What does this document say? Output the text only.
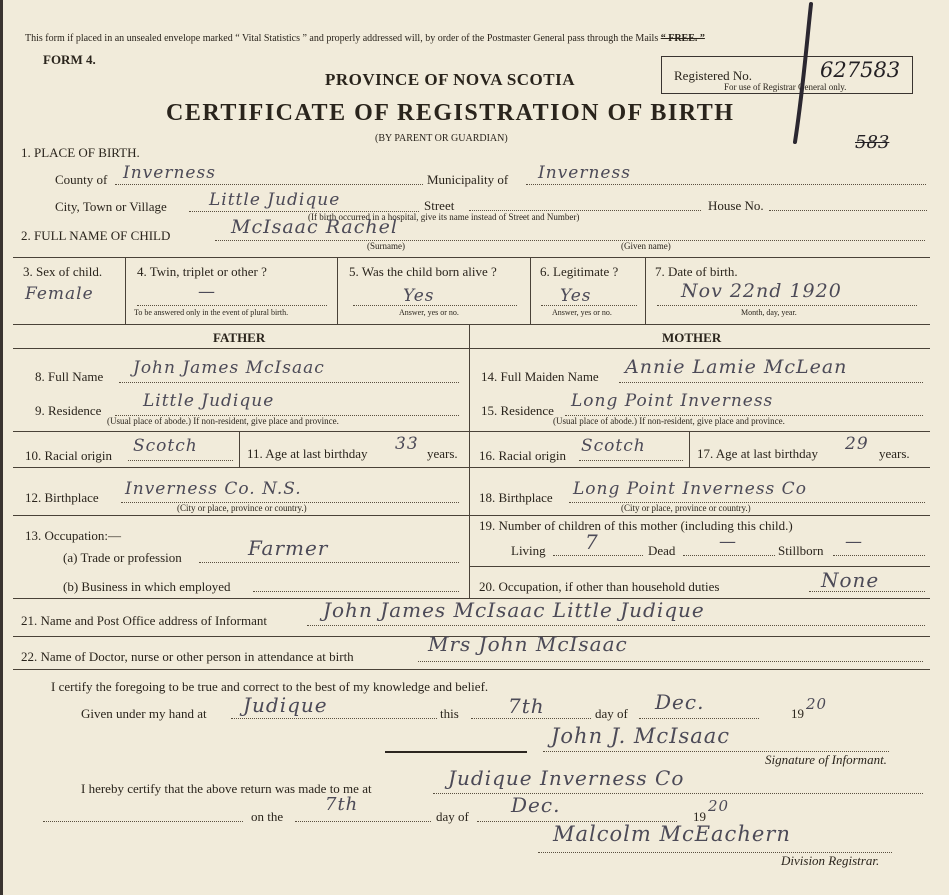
This form if placed in an unsealed envelope marked “ Vital Statistics ” and properly addressed will, by order of the Postmaster General pass through the Mails “ FREE. ”
FORM 4.
PROVINCE OF NOVA SCOTIA
CERTIFICATE OF REGISTRATION OF BIRTH
(BY PARENT OR GUARDIAN)
Registered No.	627583
For use of Registrar General only.
583
1. PLACE OF BIRTH.
County of Inverness	Municipality of Inverness
City, Town or Village Little Judique	Street	House No.
(If birth occurred in a hospital, give its name instead of Street and Number)
2. FULL NAME OF CHILD	McIsaac Rachel
(Surname)	(Given name)
3. Sex of child.
Female
4. Twin, triplet or other ?
—
To be answered only in the event of plural birth.
5. Was the child born alive ?
Yes
Answer, yes or no.
6. Legitimate ?
Yes
Answer, yes or no.
7. Date of birth.
Nov 22nd 1920
Month, day, year.
FATHER	MOTHER
8. Full Name John James McIsaac
9. Residence Little Judique
(Usual place of abode.) If non-resident, give place and province.
10. Racial origin Scotch	11. Age at last birthday 33 years.
12. Birthplace Inverness Co. N.S.
(City or place, province or country.)
13. Occupation:—
(a) Trade or profession	Farmer
(b) Business in which employed
14. Full Maiden Name Annie Lamie McLean
15. Residence Long Point Inverness
(Usual place of abode.) If non-resident, give place and province.
16. Racial origin Scotch	17. Age at last birthday 29 years.
18. Birthplace Long Point Inverness Co
(City or place, province or country.)
19. Number of children of this mother (including this child.)
Living 7	Dead	—	Stillborn —
20. Occupation, if other than household duties	None
21. Name and Post Office address of Informant	John James McIsaac Little Judique
22. Name of Doctor, nurse or other person in attendance at birth
Mrs John McIsaac
I certify the foregoing to be true and correct to the best of my knowledge and belief.
Given under my hand at Judique	this 7th	day of Dec.	19
20
John J. McIsaac
Signature of Informant.
I hereby certify that the above return was made to me at	Judique Inverness Co
on the
7th
day of Dec.	19
20
Malcolm McEachern
Division Registrar.
